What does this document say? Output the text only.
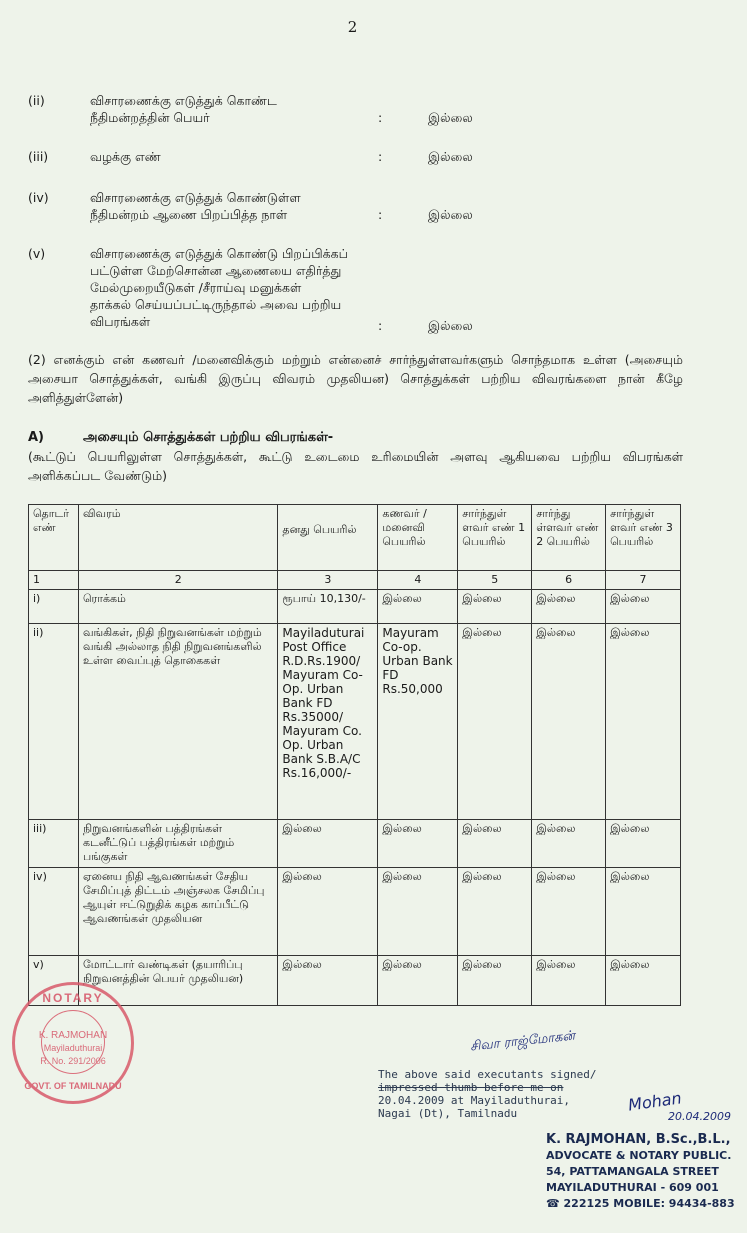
2
(ii)	விசாரணைக்கு எடுத்துக் கொண்ட
நீதிமன்றத்தின் பெயர்	:	இல்லை
(iii)	வழக்கு எண்	:	இல்லை
(iv)	விசாரணைக்கு எடுத்துக் கொண்டுள்ள
நீதிமன்றம் ஆணை பிறப்பித்த நாள்	:	இல்லை
(v)	விசாரணைக்கு எடுத்துக் கொண்டு பிறப்பிக்கப்
பட்டுள்ள மேற்சொன்ன ஆணையை எதிர்த்து
மேல்முறையீடுகள் /சீராய்வு மனுக்கள்
தாக்கல் செய்யப்பட்டிருந்தால் அவை பற்றிய
விபரங்கள்	:	இல்லை
(2) எனக்கும் என் கணவர் /மனைவிக்கும் மற்றும் என்னைச் சார்ந்துள்ளவர்களும் சொந்தமாக உள்ள (அசையும் அசையா சொத்துக்கள், வங்கி இருப்பு விவரம் முதலியன) சொத்துக்கள் பற்றிய விவரங்களை நான் கீழே அளித்துள்ளேன்)
A)	அசையும் சொத்துக்கள் பற்றிய விபரங்கள்-
(கூட்டுப் பெயரிலுள்ள சொத்துக்கள், கூட்டு உடைமை உரிமையின் அளவு ஆகியவை பற்றிய விபரங்கள் அளிக்கப்பட வேண்டும்)
தொடர் எண்	விவரம்	தனது பெயரில்	கணவர் / மனைவி பெயரில்	சார்ந்துள் ளவர் எண் 1 பெயரில்	சார்ந்து ள்ளவர் எண் 2 பெயரில்	சார்ந்துள் ளவர் எண் 3 பெயரில்
1	2	3	4	5	6	7
i)	ரொக்கம்	ரூபாய் 10,130/-	இல்லை	இல்லை	இல்லை	இல்லை
ii)	வங்கிகள், நிதி நிறுவனங்கள் மற்றும் வங்கி அல்லாத நிதி நிறுவனங்களில் உள்ள வைப்புத் தொகைகள்	Mayiladuturai Post Office R.D.Rs.1900/ Mayuram Co-Op. Urban Bank FD Rs.35000/ Mayuram Co. Op. Urban Bank S.B.A/C Rs.16,000/-	Mayuram Co-op. Urban Bank FD Rs.50,000	இல்லை	இல்லை	இல்லை
iii)	நிறுவனங்களின் பத்திரங்கள் கடனீட்டுப் பத்திரங்கள் மற்றும் பங்குகள்	இல்லை	இல்லை	இல்லை	இல்லை	இல்லை
iv)	ஏனைய நிதி ஆவணங்கள் சேதிய சேமிப்புத் திட்டம் அஞ்சலக சேமிப்பு ஆயுள் ஈட்டுறுதிக் கழக காப்பீட்டு ஆவணங்கள் முதலியன	இல்லை	இல்லை	இல்லை	இல்லை	இல்லை
v)	மோட்டார் வண்டிகள் (தயாரிப்பு நிறுவனத்தின் பெயர் முதலியன)	இல்லை	இல்லை	இல்லை	இல்லை	இல்லை
NOTARY
K. RAJMOHAN
Mayiladuthurai
R. No. 291/2006
GOVT. OF TAMILNADU
சிவா ராஜ்மோகன்
The above said executants signed/
impressed thumb before me on
20.04.2009 at Mayiladuthurai,
Nagai (Dt), Tamilnadu	Mohan
20.04.2009
K. RAJMOHAN, B.Sc.,B.L.,
ADVOCATE & NOTARY PUBLIC.
54, PATTAMANGALA STREET
MAYILADUTHURAI - 609 001
☎ 222125 MOBILE: 94434-883
